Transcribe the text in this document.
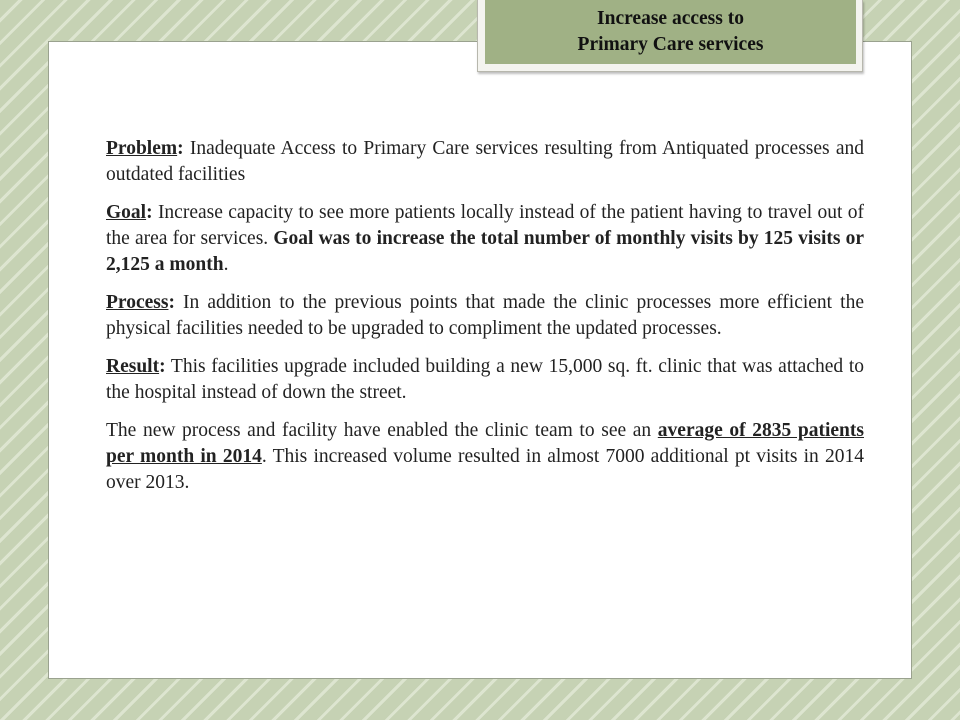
Increase access to
Primary Care services

Problem: Inadequate Access to Primary Care services resulting from Antiquated processes and outdated facilities

Goal: Increase capacity to see more patients locally instead of the patient having to travel out of the area for services. Goal was to increase the total number of monthly visits by 125 visits or 2,125 a month.

Process: In addition to the previous points that made the clinic processes more efficient the physical facilities needed to be upgraded to compliment the updated processes.

Result: This facilities upgrade included building a new 15,000 sq. ft. clinic that was attached to the hospital instead of down the street.

The new process and facility have enabled the clinic team to see an average of 2835 patients per month in 2014. This increased volume resulted in almost 7000 additional pt visits in 2014 over 2013.
